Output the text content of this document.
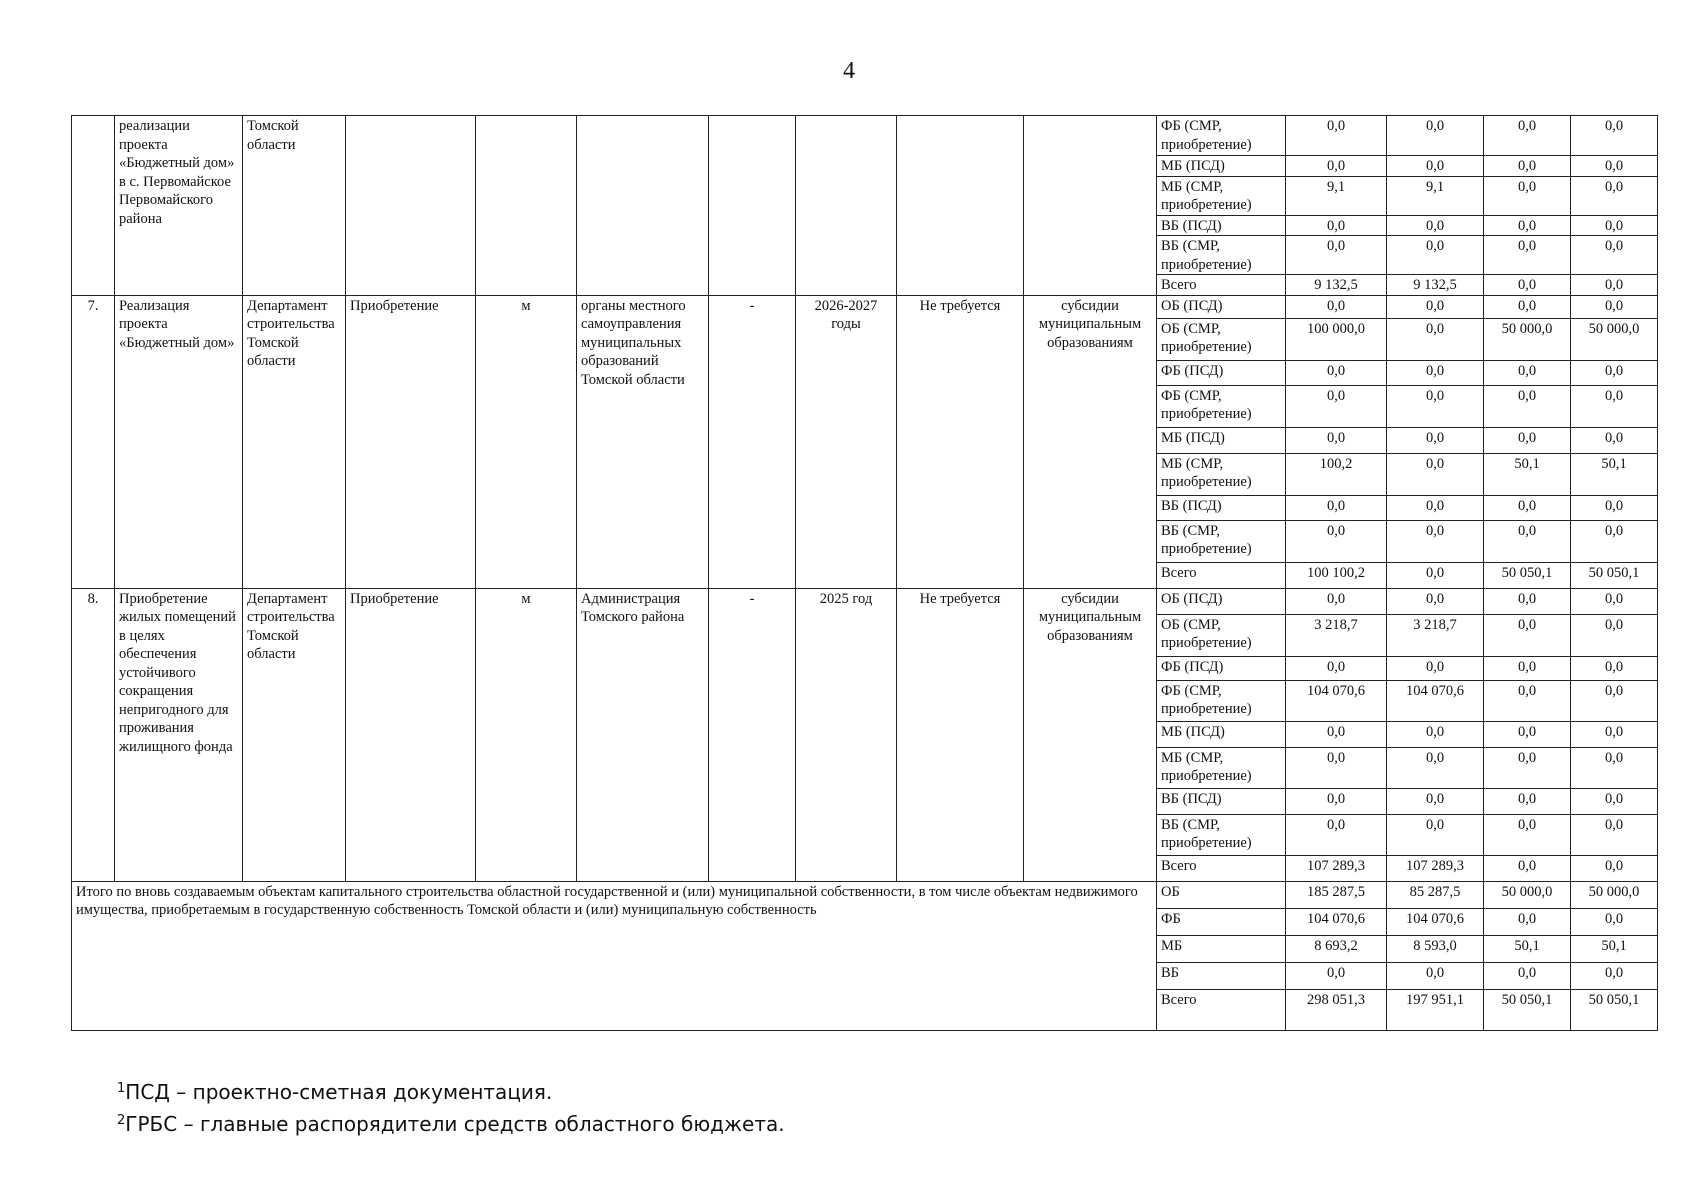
4
	реализации проекта «Бюджетный дом» в с. Первомайское Первомайского района	Томской области								ФБ (СМР, приобретение)	0,0	0,0	0,0	0,0
										МБ (ПСД)	0,0	0,0	0,0	0,0
										МБ (СМР, приобретение)	9,1	9,1	0,0	0,0
										ВБ (ПСД)	0,0	0,0	0,0	0,0
										ВБ (СМР, приобретение)	0,0	0,0	0,0	0,0
										Всего	9 132,5	9 132,5	0,0	0,0
7.	Реализация проекта «Бюджетный дом»	Департамент строительства Томской области	Приобретение	м	органы местного самоуправления муниципальных образований Томской области	-	2026-2027 годы	Не требуется	субсидии муниципальным образованиям	ОБ (ПСД)	0,0	0,0	0,0	0,0
										ОБ (СМР, приобретение)	100 000,0	0,0	50 000,0	50 000,0
										ФБ (ПСД)	0,0	0,0	0,0	0,0
										ФБ (СМР, приобретение)	0,0	0,0	0,0	0,0
										МБ (ПСД)	0,0	0,0	0,0	0,0
										МБ (СМР, приобретение)	100,2	0,0	50,1	50,1
										ВБ (ПСД)	0,0	0,0	0,0	0,0
										ВБ (СМР, приобретение)	0,0	0,0	0,0	0,0
										Всего	100 100,2	0,0	50 050,1	50 050,1
8.	Приобретение жилых помещений в целях обеспечения устойчивого сокращения непригодного для проживания жилищного фонда	Департамент строительства Томской области	Приобретение	м	Администрация Томского района	-	2025 год	Не требуется	субсидии муниципальным образованиям	ОБ (ПСД)	0,0	0,0	0,0	0,0
										ОБ (СМР, приобретение)	3 218,7	3 218,7	0,0	0,0
										ФБ (ПСД)	0,0	0,0	0,0	0,0
										ФБ (СМР, приобретение)	104 070,6	104 070,6	0,0	0,0
										МБ (ПСД)	0,0	0,0	0,0	0,0
										МБ (СМР, приобретение)	0,0	0,0	0,0	0,0
										ВБ (ПСД)	0,0	0,0	0,0	0,0
										ВБ (СМР, приобретение)	0,0	0,0	0,0	0,0
										Всего	107 289,3	107 289,3	0,0	0,0
Итого по вновь создаваемым объектам капитального строительства областной государственной и (или) муниципальной собственности, в том числе объектам недвижимого имущества, приобретаемым в государственную собственность Томской области и (или) муниципальную собственность										ОБ	185 287,5	85 287,5	50 000,0	50 000,0
										ФБ	104 070,6	104 070,6	0,0	0,0
										МБ	8 693,2	8 593,0	50,1	50,1
										ВБ	0,0	0,0	0,0	0,0
										Всего	298 051,3	197 951,1	50 050,1	50 050,1
$^1$ПСД – проектно-сметная документация.
$^2$ГРБС – главные распорядители средств областного бюджета.
